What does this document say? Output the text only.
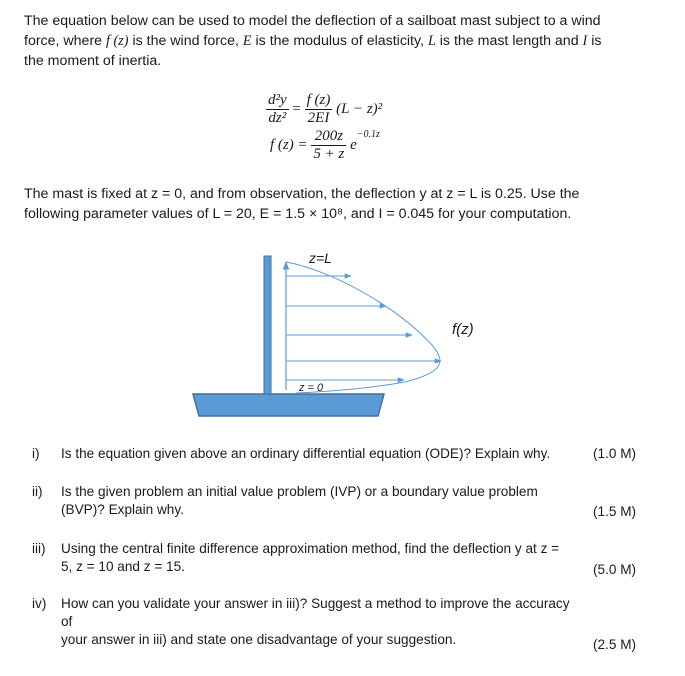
The equation below can be used to model the deflection of a sailboat mast subject to a wind
force, where f (z) is the wind force, E is the modulus of elasticity, L is the mast length and I is
the moment of inertia.
$\frac{\text{d²y}}{\text{dz²}} = \frac{f (z)}{2EI} (L - z)^2$
f $(z) = \frac{200z}{5 + z} e^{-0.1z}$
The mast is fixed at z = 0, and from observation, the deflection y at z = L is 0.25. Use the
following parameter values of L = 20, E = 1.5 × 10⁸, and I = 0.045 for your computation.
z=L
z = 0
f(z)
i) Is the equation given above an ordinary differential equation (ODE)? Explain why.	(1.0 M)
ii) Is the given problem an initial value problem (IVP) or a boundary value problem
(BVP)? Explain why.	(1.5 M)
iii) Using the central finite difference approximation method, find the deflection y at z =
5, z = 10 and z = 15.	(5.0 M)
iv) How can you validate your answer in iii)? Suggest a method to improve the accuracy of
your answer in iii) and state one disadvantage of your suggestion.	(2.5 M)
